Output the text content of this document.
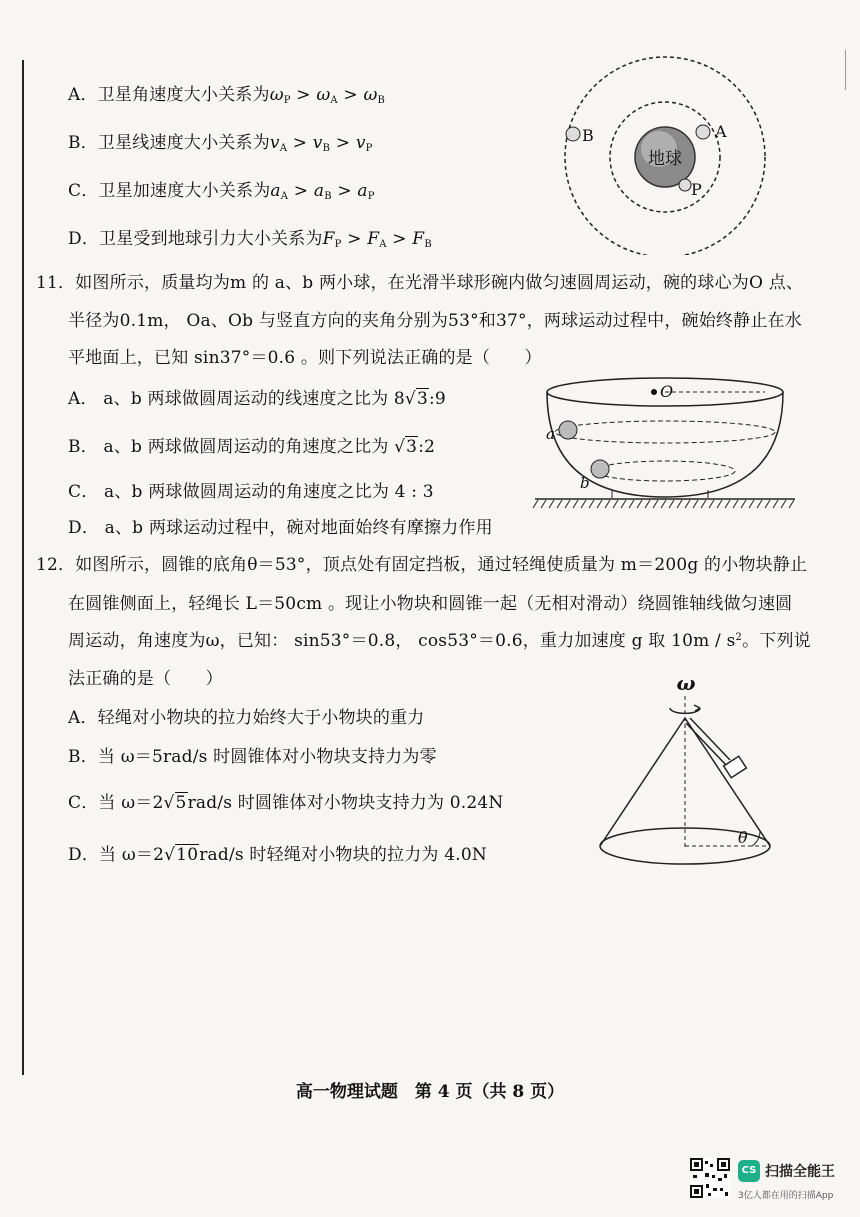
A．卫星角速度大小关系为$\omega_P > \omega_A > \omega_B$
B．卫星线速度大小关系为$v_A > v_B > v_P$
C．卫星加速度大小关系为$a_A > a_B > a_P$
D．卫星受到地球引力大小关系为$F_P > F_A > F_B$
地球
P
A
B
11．如图所示，质量均为m 的 a、b 两小球，在光滑半球形碗内做匀速圆周运动，碗的球心为O 点、
半径为0.1m， Oa、Ob 与竖直方向的夹角分别为53°和37°，两球运动过程中，碗始终静止在水
平地面上，已知 sin37°＝0.6 。则下列说法正确的是（　　）
A． a、b 两球做圆周运动的线速度之比为 8√3:9
B． a、b 两球做圆周运动的角速度之比为 √3:2
C． a、b 两球做圆周运动的角速度之比为 4 : 3
D． a、b 两球运动过程中，碗对地面始终有摩擦力作用
O
a
b
12．如图所示，圆锥的底角θ＝53°，顶点处有固定挡板，通过轻绳使质量为 m＝200g 的小物块静止
在圆锥侧面上，轻绳长 L＝50cm 。现让小物块和圆锥一起（无相对滑动）绕圆锥轴线做匀速圆
周运动，角速度为ω，已知： sin53°＝0.8， cos53°＝0.6，重力加速度 g 取 $10m / s^2$。下列说
法正确的是（　　）
A．轻绳对小物块的拉力始终大于小物块的重力
B．当 ω＝5rad/s 时圆锥体对小物块支持力为零
C．当 ω＝2√5rad/s 时圆锥体对小物块支持力为 0.24N
D．当 ω＝2√10rad/s 时轻绳对小物块的拉力为 4.0N
ω
θ
高一物理试题　第 4 页（共 8 页）
CS 扫描全能王
3亿人都在用的扫描App
